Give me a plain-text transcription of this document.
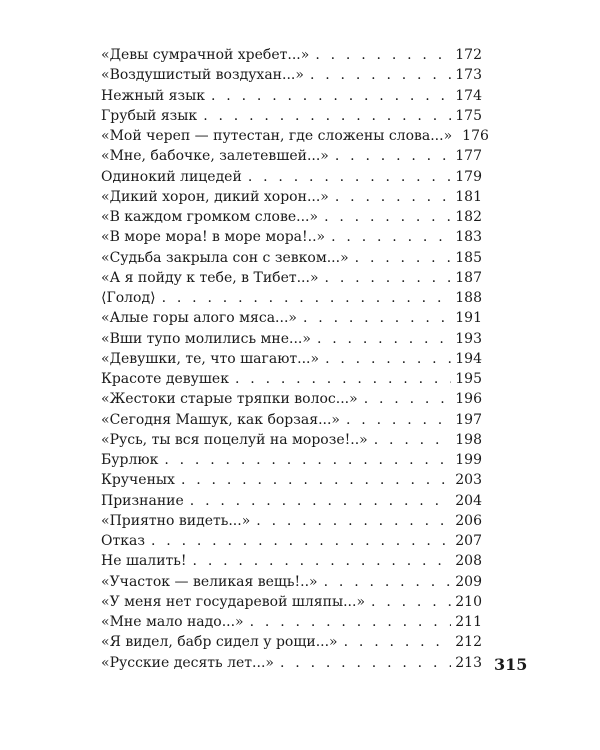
«Девы сумрачной хребет...» . . .	172
«Воздушистый воздухан...» . . .	173
Нежный язык . . .	174
Грубый язык . . .	175
«Мой череп — путестан, где сложены слова...» 176
«Мне, бабочке, залетевшей...» . . .	177
Одинокий лицедей . . .	179
«Дикий хорон, дикий хорон...» . . .	181
«В каждом громком слове...» . . .	182
«В море мора! в море мора!..» . . .	183
«Судьба закрыла сон с зевком...» . . .	185
«А я пойду к тебе, в Тибет...» . . .	187
⟨Голод⟩ . . .	188
«Алые горы алого мяса...» . . .	191
«Вши тупо молились мне...» . . .	193
«Девушки, те, что шагают...» . . .	194
Красоте девушек . . .	195
«Жестоки старые тряпки волос...» . . .	196
«Сегодня Машук, как борзая...» . . .	197
«Русь, ты вся поцелуй на морозе!..» . . .	198
Бурлюк . . .	199
Крученых . . .	203
Признание . . .	204
«Приятно видеть...» . . .	206
Отказ . . .	207
Не шалить! . . .	208
«Участок — великая вещь!..» . . .	209
«У меня нет государевой шляпы...» . . .	210
«Мне мало надо...» . . .	211
«Я видел, бабр сидел у рощи...» . . .	212
«Русские десять лет...» . . .	213 315
